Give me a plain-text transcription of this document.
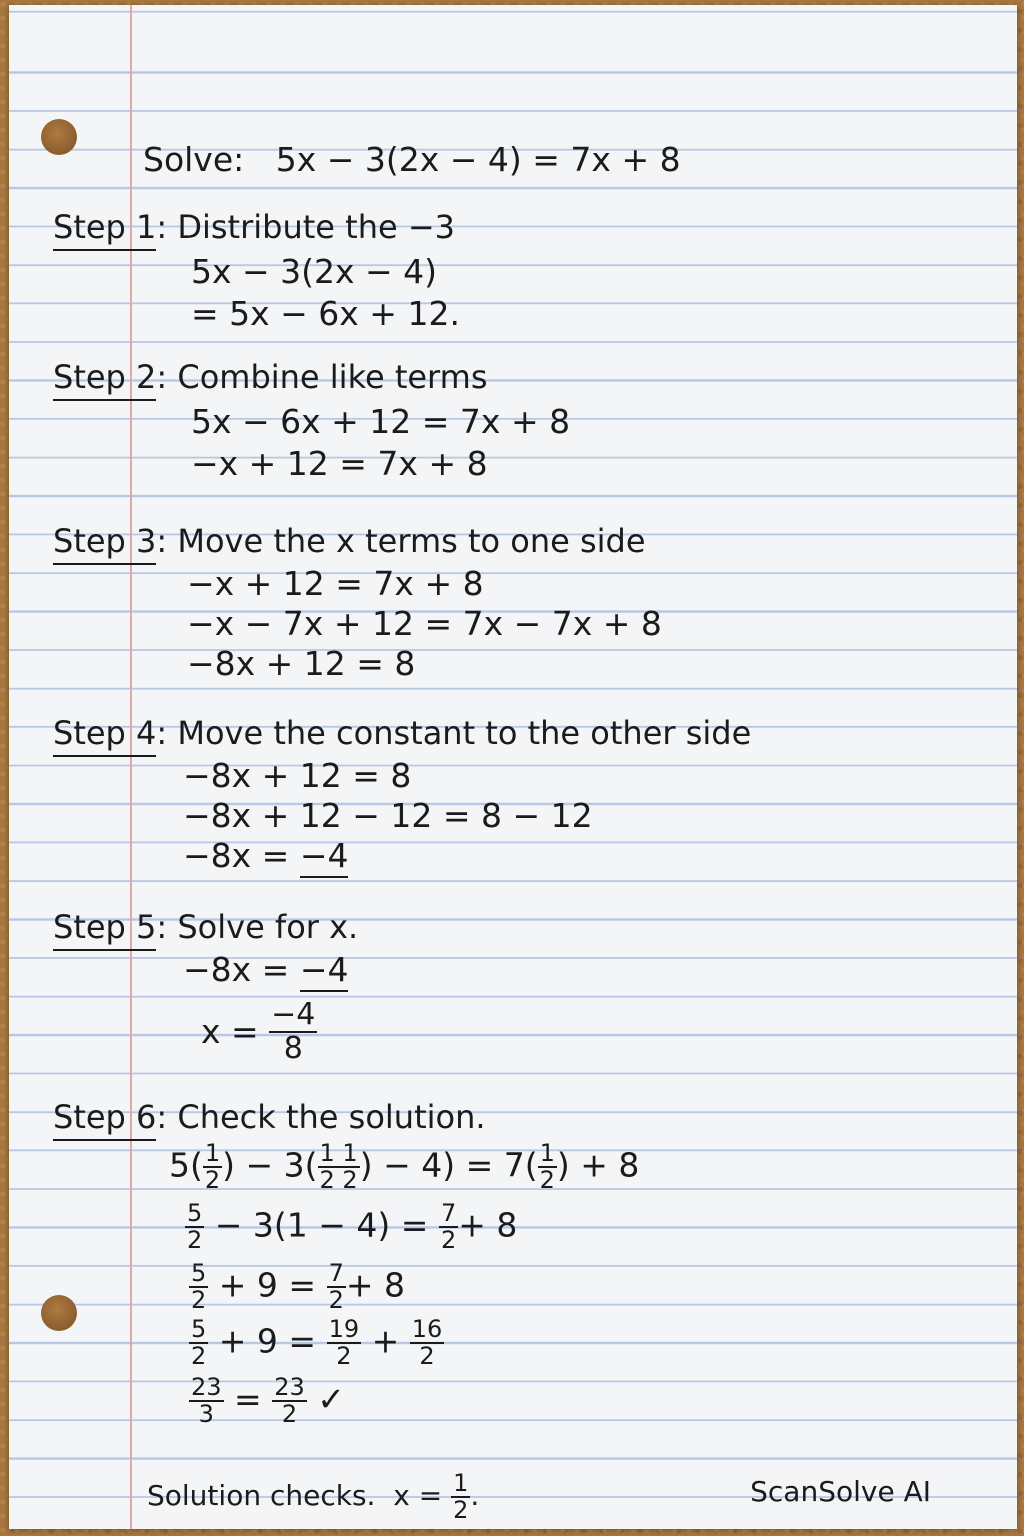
Solve: 5x − 3(2x − 4) = 7x + 8
Step 1: Distribute the −3
5x − 3(2x − 4)
= 5x − 6x + 12.
Step 2: Combine like terms
5x − 6x + 12 = 7x + 8
−x + 12 = 7x + 8
Step 3: Move the x terms to one side
−x + 12 = 7x + 8
−x − 7x + 12 = 7x − 7x + 8
−8x + 12 = 8
Step 4: Move the constant to the other side
−8x + 12 = 8
−8x + 12 − 12 = 8 − 12
−8x = −4
Step 5: Solve for x.
−8x = −4
$x = \frac{-4}{8}$
Step 6: Check the solution.
$5( \frac{1}{2}$ ) − $3( \frac{1 1}{2 2}$ ) − $4) = 7( \frac{1}{2}$ ) + 8
$\frac{5}{2} - 3(1 - 4) = \frac{7}{2} + 8$
$\frac{5}{2} + 9 = \frac{7}{2} + 8$
$\frac{5}{2} + 9 = \frac{19}{2} + \frac{16}{2}$
$\frac{23}{3} = \frac{23}{2}$ ✓
Solution checks. $x = \frac{1}{2}$ .	ScanSolve AI
